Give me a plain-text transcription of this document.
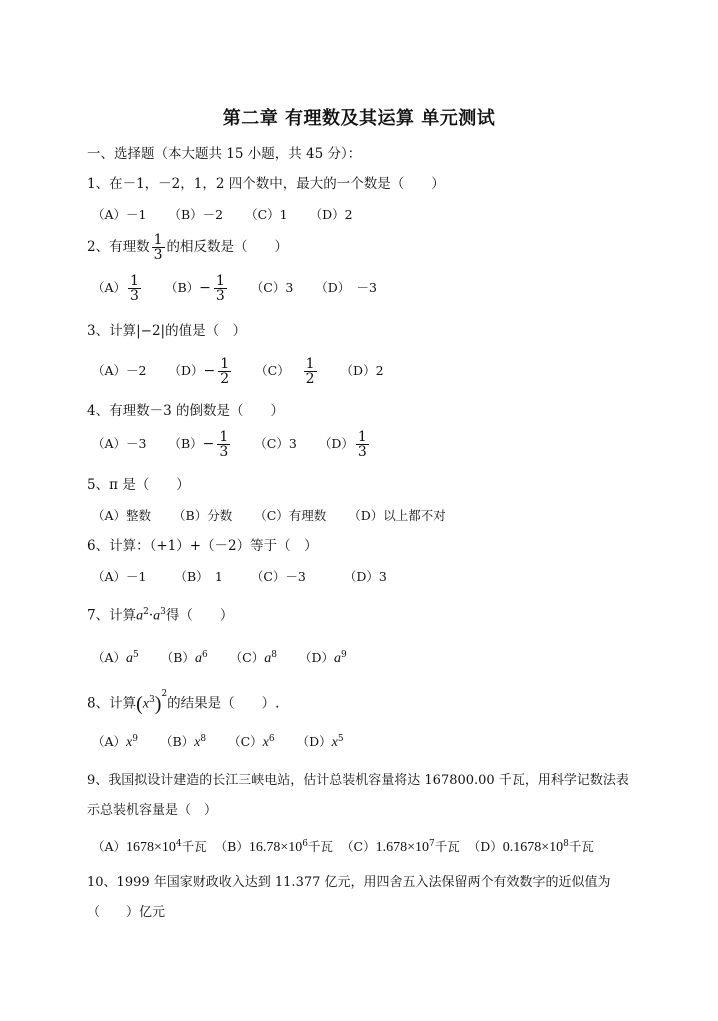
第二章 有理数及其运算 单元测试
一、选择题（本大题共 15 小题，共 45 分）：
1、在－1，－2，1，2 四个数中，最大的一个数是（　　）
（A）－1 （B）－2 （C）1 （D）2
2、有理数 $\frac{1}{3}$ 的相反数是（　　）
$(A) \frac{1}{3} (B)- \frac{1}{3} (C)3$ （D）　－3
3、计算|−2|的值是（　）
（A）－2 $(D)- \frac{1}{2} (C) \frac{1}{2} (D)2$
4、有理数－3 的倒数是（　　）
（A）－3 $(B)- \frac{1}{3} (C)3$ $(D) \frac{1}{3}$
5、π 是（　　）
（A）整数 （B）分数 （C）有理数 （D）以上都不对
6、计算：（+1）+（－2）等于（　）
（A）－1 （B）　1 （C）－3	（D）3
7、计算$a^2\cdot a^3$得（　　）
$(A)a^5$ $(B)a^6$ $(C)a^8$ $(D)a^9$
8、计算$(x^3)^2$的结果是（　　）.
$(A)x^9$ $(B)x^8$ $(C)x^6$ $(D)x^5$
9、我国拟设计建造的长江三峡电站，估计总装机容量将达 167800.00 千瓦，用科学记数法表
示总装机容量是（　）
$(A)1678\times 10^4$千瓦 $(B)16.78\times 10^6$千瓦 $(C)1.678\times 10^7$千瓦 $(D)0.1678\times 10^8$千瓦
10、1999 年国家财政收入达到 11.377 亿元，用四舍五入法保留两个有效数字的近似值为
（　　）亿元
